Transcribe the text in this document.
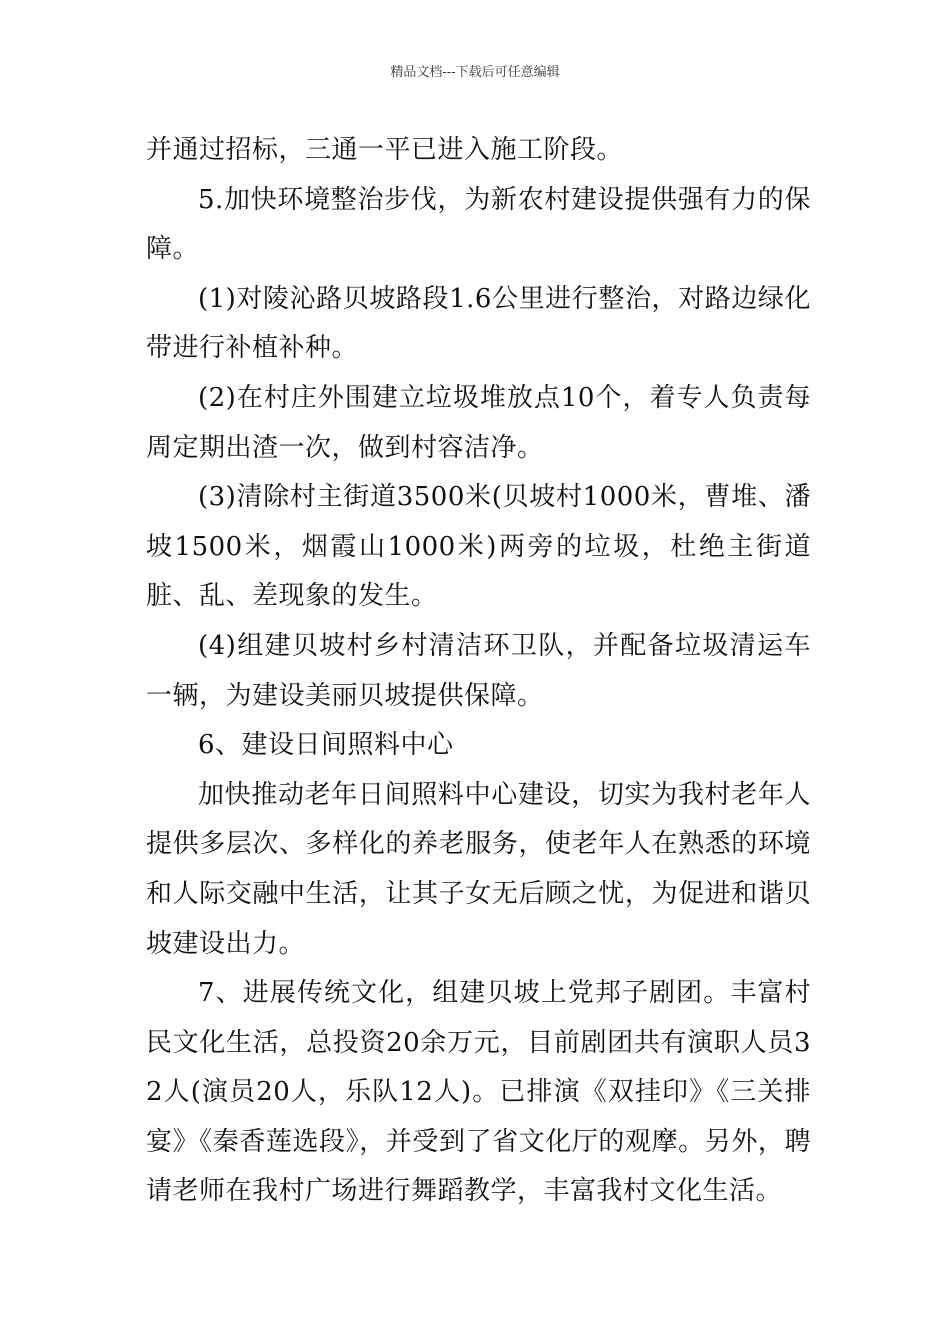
精品文档---下载后可任意编辑

并通过招标，三通一平已进入施工阶段。

5.加快环境整治步伐，为新农村建设提供强有力的保障。

(1)对陵沁路贝坡路段1.6公里进行整治，对路边绿化带进行补植补种。

(2)在村庄外围建立垃圾堆放点10个，着专人负责每周定期出渣一次，做到村容洁净。

(3)清除村主街道3500米(贝坡村1000米，曹堆、潘坡1500米，烟霞山1000米)两旁的垃圾，杜绝主街道脏、乱、差现象的发生。

(4)组建贝坡村乡村清洁环卫队，并配备垃圾清运车一辆，为建设美丽贝坡提供保障。

6、建设日间照料中心

加快推动老年日间照料中心建设，切实为我村老年人提供多层次、多样化的养老服务，使老年人在熟悉的环境和人际交融中生活，让其子女无后顾之忧，为促进和谐贝坡建设出力。

7、进展传统文化，组建贝坡上党邦子剧团。丰富村民文化生活，总投资20余万元，目前剧团共有演职人员32人(演员20人，乐队12人)。已排演《双挂印》《三关排宴》《秦香莲选段》，并受到了省文化厅的观摩。另外，聘请老师在我村广场进行舞蹈教学，丰富我村文化生活。
